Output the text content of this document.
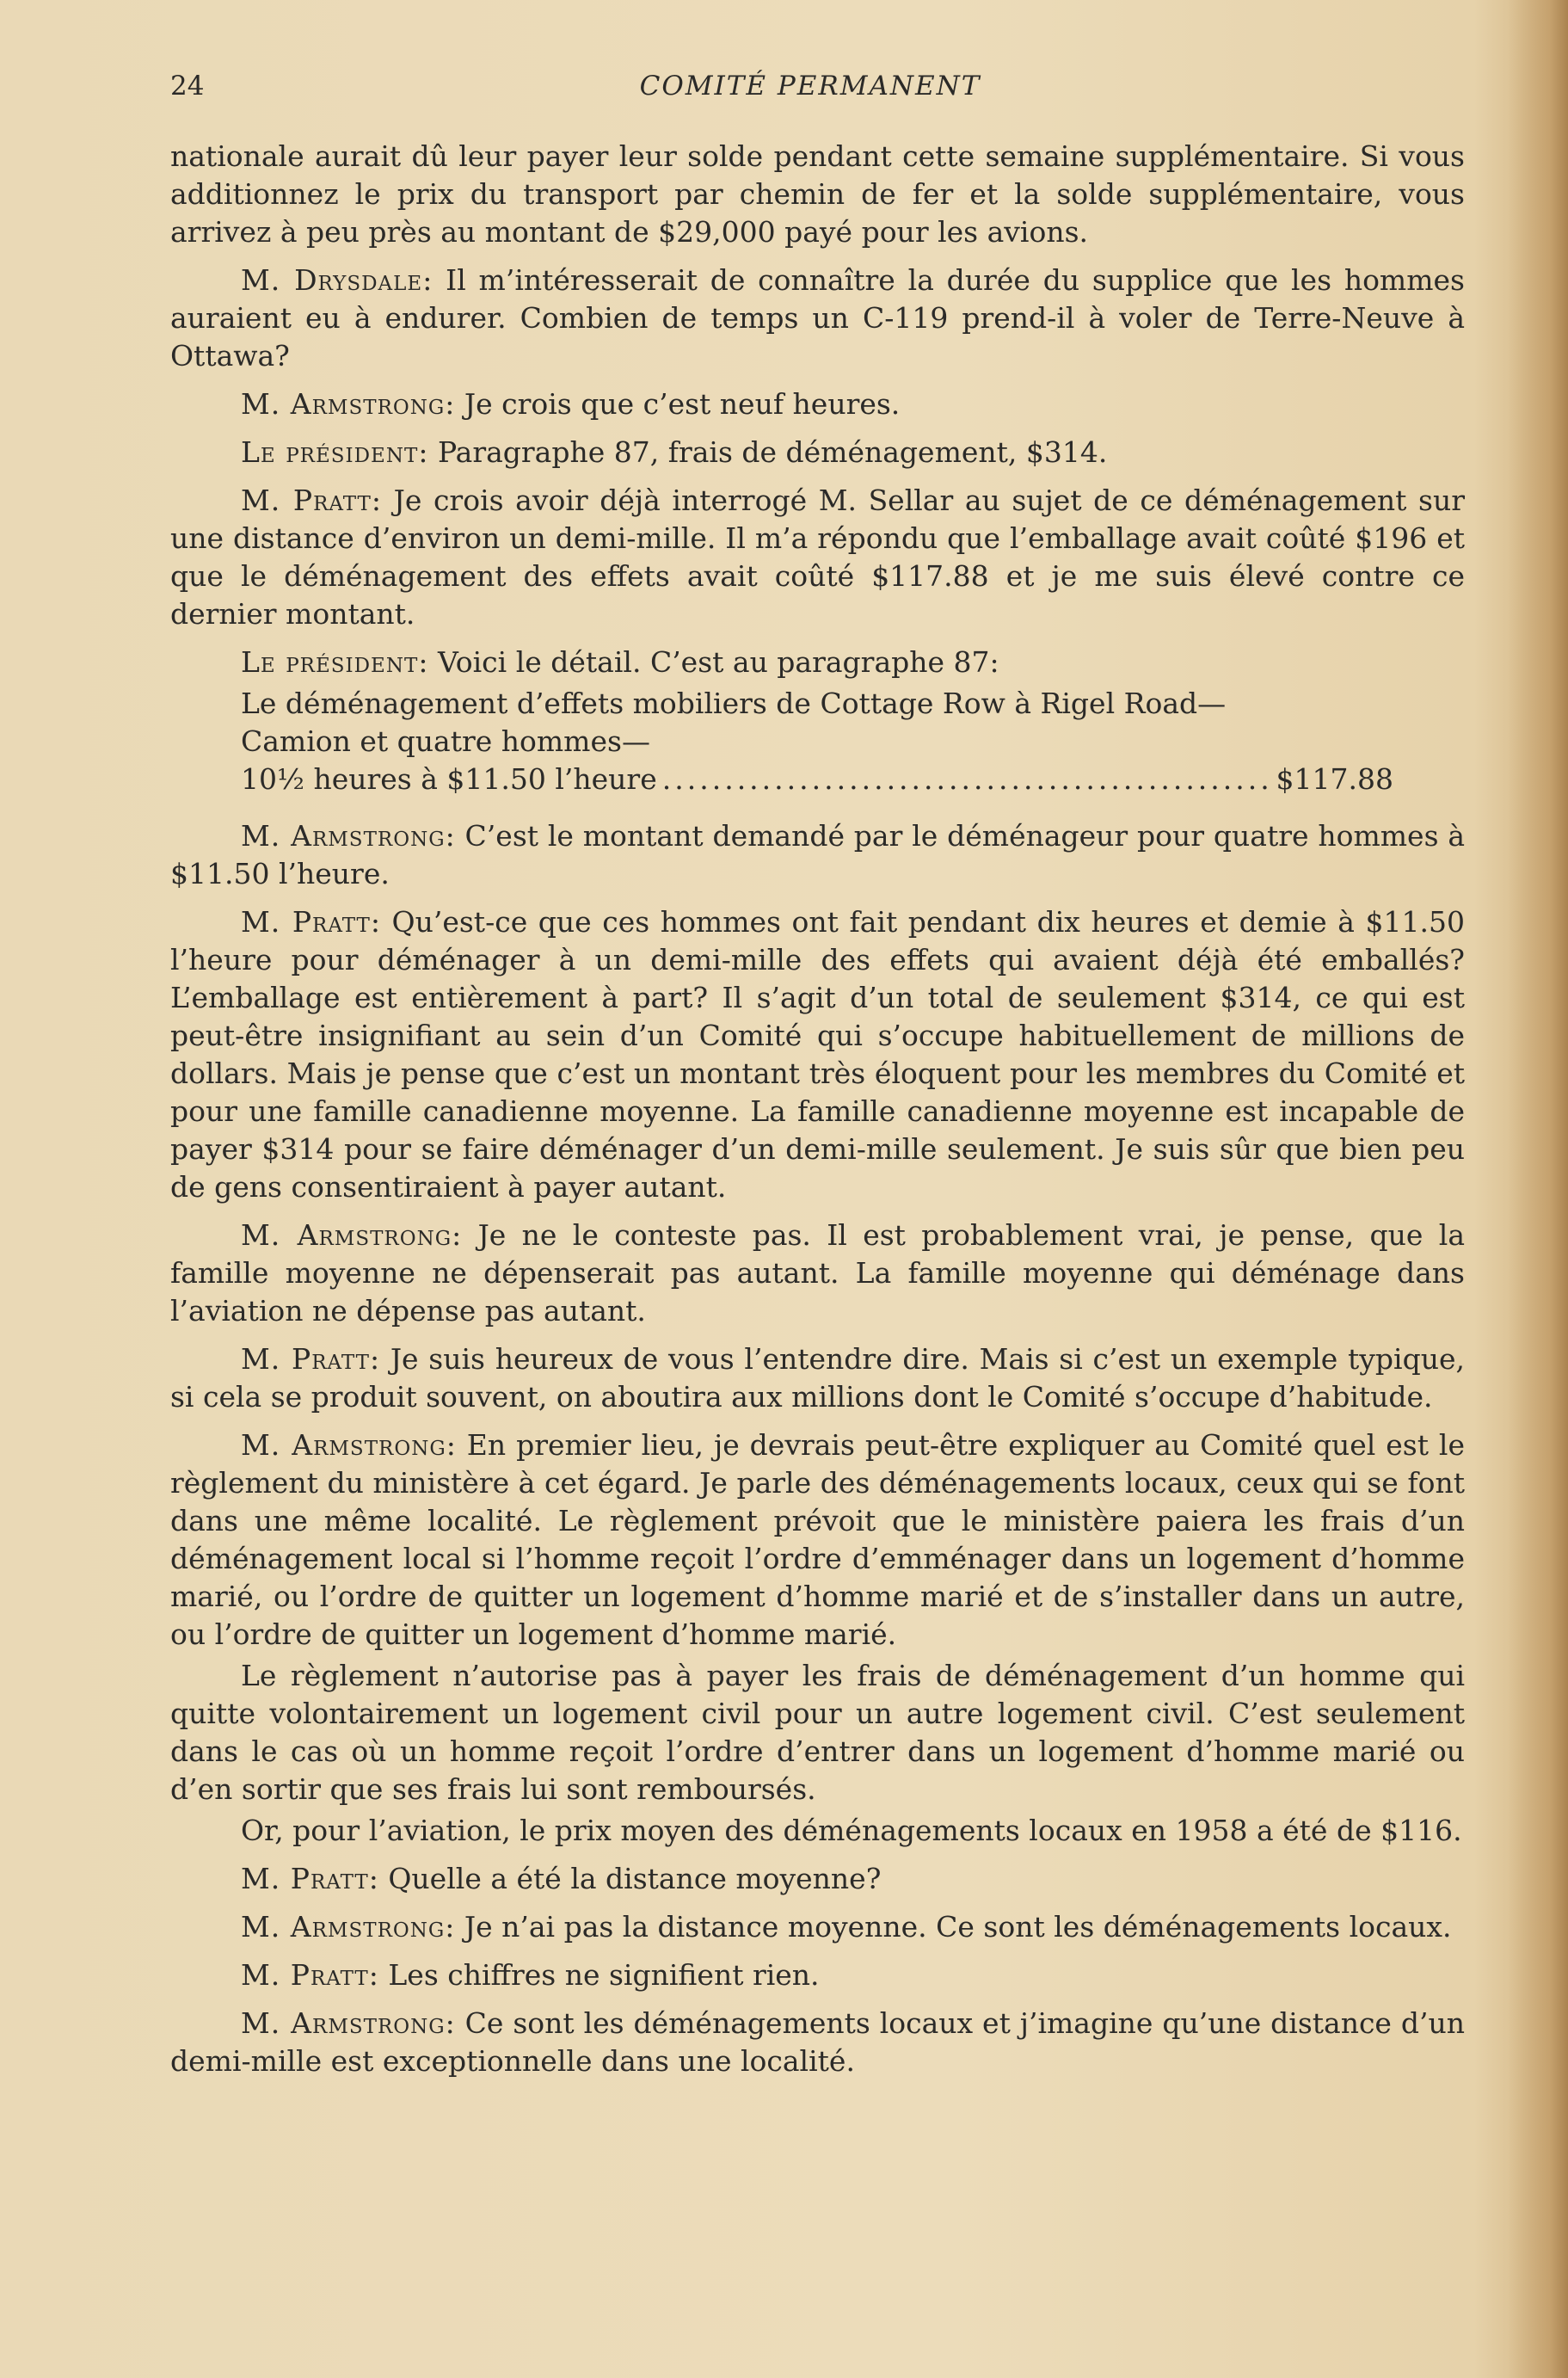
24	COMITÉ PERMANENT

nationale aurait dû leur payer leur solde pendant cette semaine supplémentaire. Si vous additionnez le prix du transport par chemin de fer et la solde supplémentaire, vous arrivez à peu près au montant de $29,000 payé pour les avions.

M. Drysdale: Il m’intéresserait de connaître la durée du supplice que les hommes auraient eu à endurer. Combien de temps un C-119 prend-il à voler de Terre-Neuve à Ottawa?

M. Armstrong: Je crois que c’est neuf heures.

Le président: Paragraphe 87, frais de déménagement, $314.

M. Pratt: Je crois avoir déjà interrogé M. Sellar au sujet de ce déménagement sur une distance d’environ un demi-mille. Il m’a répondu que l’emballage avait coûté $196 et que le déménagement des effets avait coûté $117.88 et je me suis élevé contre ce dernier montant.

Le président: Voici le détail. C’est au paragraphe 87:

Le déménagement d’effets mobiliers de Cottage Row à Rigel Road—
Camion et quatre hommes—
10½ heures à $11.50 l’heure .....	$117.88

M. Armstrong: C’est le montant demandé par le déménageur pour quatre hommes à $11.50 l’heure.

M. Pratt: Qu’est-ce que ces hommes ont fait pendant dix heures et demie à $11.50 l’heure pour déménager à un demi-mille des effets qui avaient déjà été emballés? L’emballage est entièrement à part? Il s’agit d’un total de seulement $314, ce qui est peut-être insignifiant au sein d’un Comité qui s’occupe habituellement de millions de dollars. Mais je pense que c’est un montant très éloquent pour les membres du Comité et pour une famille canadienne moyenne. La famille canadienne moyenne est incapable de payer $314 pour se faire déménager d’un demi-mille seulement. Je suis sûr que bien peu de gens consentiraient à payer autant.

M. Armstrong: Je ne le conteste pas. Il est probablement vrai, je pense, que la famille moyenne ne dépenserait pas autant. La famille moyenne qui déménage dans l’aviation ne dépense pas autant.

M. Pratt: Je suis heureux de vous l’entendre dire. Mais si c’est un exemple typique, si cela se produit souvent, on aboutira aux millions dont le Comité s’occupe d’habitude.

M. Armstrong: En premier lieu, je devrais peut-être expliquer au Comité quel est le règlement du ministère à cet égard. Je parle des déménagements locaux, ceux qui se font dans une même localité. Le règlement prévoit que le ministère paiera les frais d’un déménagement local si l’homme reçoit l’ordre d’emménager dans un logement d’homme marié, ou l’ordre de quitter un logement d’homme marié et de s’installer dans un autre, ou l’ordre de quitter un logement d’homme marié.

Le règlement n’autorise pas à payer les frais de déménagement d’un homme qui quitte volontairement un logement civil pour un autre logement civil. C’est seulement dans le cas où un homme reçoit l’ordre d’entrer dans un logement d’homme marié ou d’en sortir que ses frais lui sont remboursés.

Or, pour l’aviation, le prix moyen des déménagements locaux en 1958 a été de $116.

M. Pratt: Quelle a été la distance moyenne?

M. Armstrong: Je n’ai pas la distance moyenne. Ce sont les déménagements locaux.

M. Pratt: Les chiffres ne signifient rien.

M. Armstrong: Ce sont les déménagements locaux et j’imagine qu’une distance d’un demi-mille est exceptionnelle dans une localité.
